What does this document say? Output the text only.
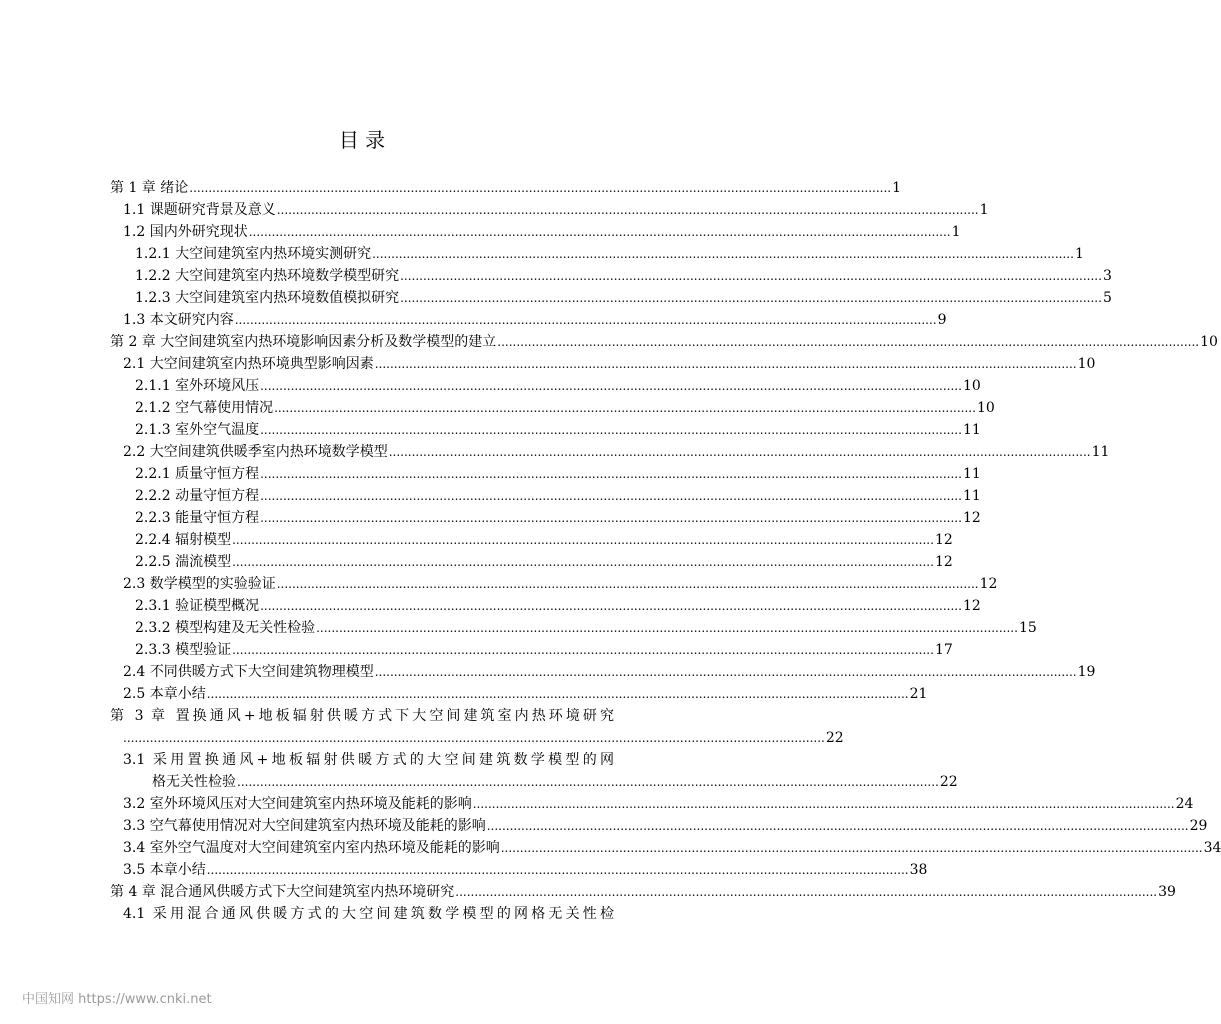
目 录
第 1 章 绪论 ........................................................................................................................................................................................ 1
1.1 课题研究背景及意义 ........................................................................................................................................................................................ 1
1.2 国内外研究现状 ........................................................................................................................................................................................ 1
1.2.1 大空间建筑室内热环境实测研究 ........................................................................................................................................................................................ 1
1.2.2 大空间建筑室内热环境数学模型研究 ........................................................................................................................................................................................ 3
1.2.3 大空间建筑室内热环境数值模拟研究 ........................................................................................................................................................................................ 5
1.3 本文研究内容 ........................................................................................................................................................................................ 9
第 2 章 大空间建筑室内热环境影响因素分析及数学模型的建立 ........................................................................................................................................................................................ 10
2.1 大空间建筑室内热环境典型影响因素 ........................................................................................................................................................................................ 10
2.1.1 室外环境风压 ........................................................................................................................................................................................ 10
2.1.2 空气幕使用情况 ........................................................................................................................................................................................ 10
2.1.3 室外空气温度 ........................................................................................................................................................................................ 11
2.2 大空间建筑供暖季室内热环境数学模型 ........................................................................................................................................................................................ 11
2.2.1 质量守恒方程 ........................................................................................................................................................................................ 11
2.2.2 动量守恒方程 ........................................................................................................................................................................................ 11
2.2.3 能量守恒方程 ........................................................................................................................................................................................ 12
2.2.4 辐射模型 ........................................................................................................................................................................................ 12
2.2.5 湍流模型 ........................................................................................................................................................................................ 12
2.3 数学模型的实验验证 ........................................................................................................................................................................................ 12
2.3.1 验证模型概况 ........................................................................................................................................................................................ 12
2.3.2 模型构建及无关性检验 ........................................................................................................................................................................................ 15
2.3.3 模型验证 ........................................................................................................................................................................................ 17
2.4 不同供暖方式下大空间建筑物理模型 ........................................................................................................................................................................................ 19
2.5 本章小结 ........................................................................................................................................................................................ 21
第 3 章 置换通风+地板辐射供暖方式下大空间建筑室内热环境研究
........................................................................................................................................................................................ 22
3.1 采用置换通风+地板辐射供暖方式的大空间建筑数学模型的网
格无关性检验 ........................................................................................................................................................................................ 22
3.2 室外环境风压对大空间建筑室内热环境及能耗的影响 ........................................................................................................................................................................................ 24
3.3 空气幕使用情况对大空间建筑室内热环境及能耗的影响 ........................................................................................................................................................................................ 29
3.4 室外空气温度对大空间建筑室内室内热环境及能耗的影响 ........................................................................................................................................................................................ 34
3.5 本章小结 ........................................................................................................................................................................................ 38
第 4 章 混合通风供暖方式下大空间建筑室内热环境研究 ........................................................................................................................................................................................ 39
4.1 采用混合通风供暖方式的大空间建筑数学模型的网格无关性检
中国知网 https://www.cnki.net
